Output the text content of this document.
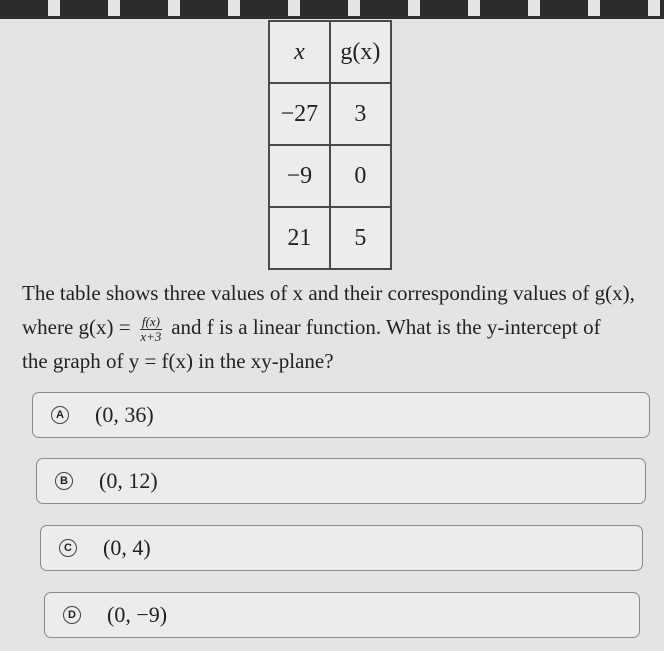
x	g(x)
−27	3
−9	0
21	5
The table shows three values of x and their corresponding values of g(x),
where $g(x) = \frac{f(x)}{x+3}$ and f is a linear function. What is the y-intercept of
the graph of y = f(x) in the xy-plane?
A (0, 36)
B (0, 12)
C (0, 4)
D (0, −9)
